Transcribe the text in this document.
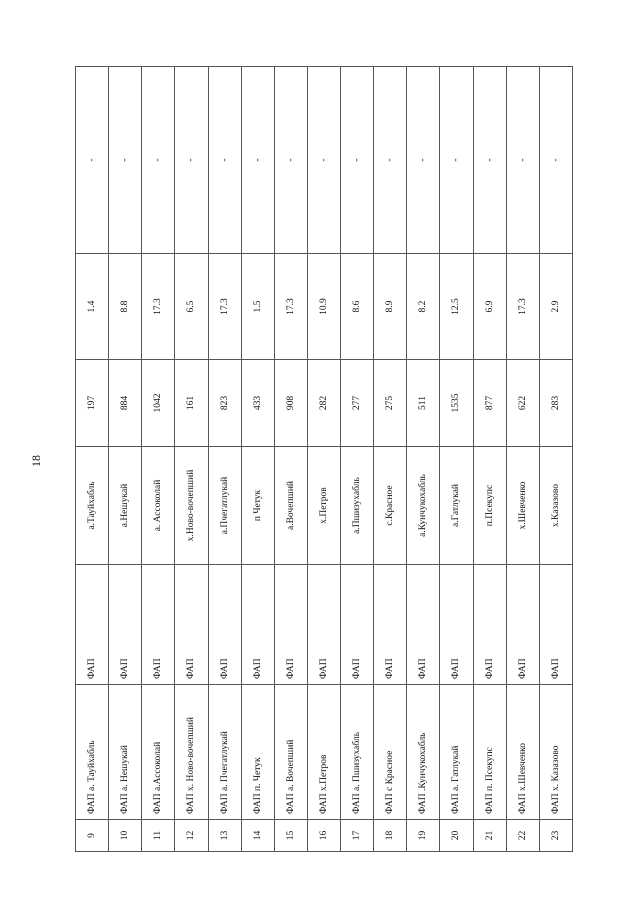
18
9	ФАП а. Тауйхабль	ФАП	а.Тауйхабль	197	1.4	-
10	ФАП а. Нешукай	ФАП	а.Нешукай	884	8.8	-
11	ФАП а.Ассоколай	ФАП	а. Ассоколай	1042	17.3	-
12	ФАП х. Ново-вочепший	ФАП	х.Ново-вочепший	161	6.5	-
13	ФАП а. Пчегатлукай	ФАП	а.Пчегатлукай	823	17.3	-
14	ФАП п. Четук	ФАП	п Четук	433	1.5	-
15	ФАП а. Вочепший	ФАП	а.Вочепший	908	17.3	-
16	ФАП х.Петров	ФАП	х.Петров	282	10.9	-
17	ФАП а. Пшизухабль	ФАП	а.Пшизухабль	277	8.6	-
18	ФАП с Красное	ФАП	с.Красное	275	8.9	-
19	ФАП .Кунчукохабль	ФАП	а.Кунчукохабль	511	8.2	-
20	ФАП а. Гатлукай	ФАП	а.Гатлукай	1535	12.5	-
21	ФАП п. Псекупс	ФАП	п.Псекупс	877	6.9	-
22	ФАП х.Шевченко	ФАП	х.Шевченко	622	17.3	-
23	ФАП х. Казазово	ФАП	х.Казазово	283	2.9	-
